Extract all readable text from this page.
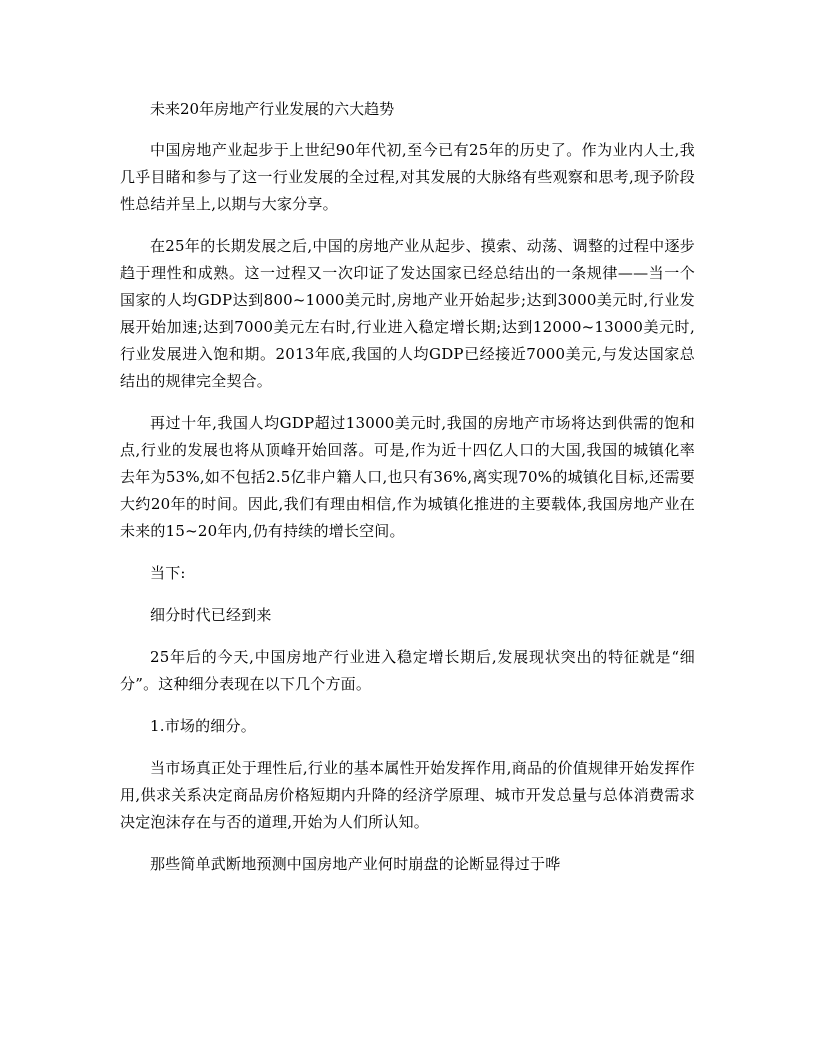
未来20年房地产行业发展的六大趋势

中国房地产业起步于上世纪90年代初,至今已有25年的历史了。作为业内人士,我几乎目睹和参与了这一行业发展的全过程,对其发展的大脉络有些观察和思考,现予阶段性总结并呈上,以期与大家分享。

在25年的长期发展之后,中国的房地产业从起步、摸索、动荡、调整的过程中逐步趋于理性和成熟。这一过程又一次印证了发达国家已经总结出的一条规律——当一个国家的人均GDP达到800~1000美元时,房地产业开始起步;达到3000美元时,行业发展开始加速;达到7000美元左右时,行业进入稳定增长期;达到12000~13000美元时,行业发展进入饱和期。2013年底,我国的人均GDP已经接近7000美元,与发达国家总结出的规律完全契合。

再过十年,我国人均GDP超过13000美元时,我国的房地产市场将达到供需的饱和点,行业的发展也将从顶峰开始回落。可是,作为近十四亿人口的大国,我国的城镇化率去年为53%,如不包括2.5亿非户籍人口,也只有36%,离实现70%的城镇化目标,还需要大约20年的时间。因此,我们有理由相信,作为城镇化推进的主要载体,我国房地产业在未来的15~20年内,仍有持续的增长空间。

当下:

细分时代已经到来

25年后的今天,中国房地产行业进入稳定增长期后,发展现状突出的特征就是“细分”。这种细分表现在以下几个方面。

1.市场的细分。

当市场真正处于理性后,行业的基本属性开始发挥作用,商品的价值规律开始发挥作用,供求关系决定商品房价格短期内升降的经济学原理、城市开发总量与总体消费需求决定泡沫存在与否的道理,开始为人们所认知。

那些简单武断地预测中国房地产业何时崩盘的论断显得过于哗
